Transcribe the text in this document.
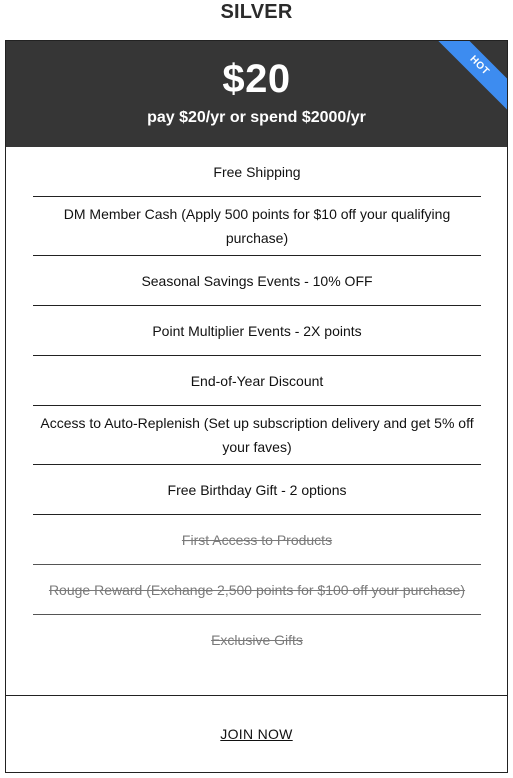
SILVER
$20
pay $20/yr or spend $2000/yr
HOT
Free Shipping
DM Member Cash (Apply 500 points for $10 off your qualifying purchase)
Seasonal Savings Events - 10% OFF
Point Multiplier Events - 2X points
End-of-Year Discount
Access to Auto-Replenish (Set up subscription delivery and get 5% off your faves)
Free Birthday Gift - 2 options
First Access to Products
Rouge Reward (Exchange 2,500 points for $100 off your purchase)
Exclusive Gifts
JOIN NOW
